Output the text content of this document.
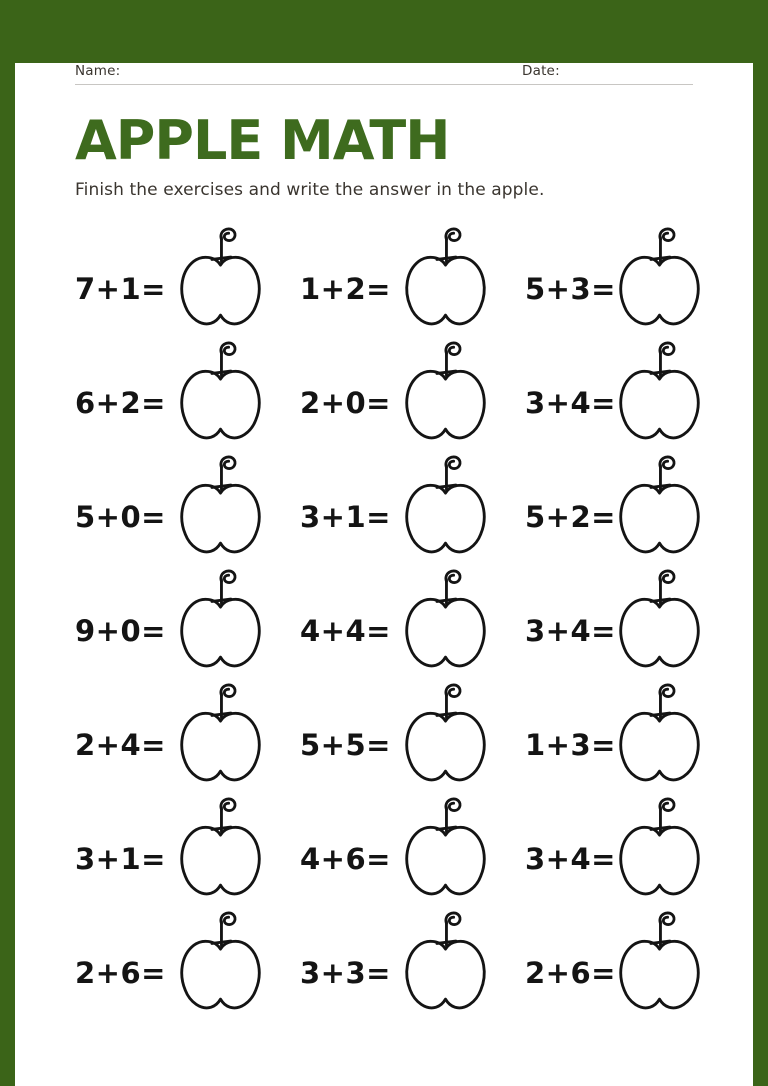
Name:	Date:
APPLE MATH

Finish the exercises and write the answer in the apple.

7+1=	1+2=	5+3=
6+2=	2+0=	3+4=
5+0=	3+1=	5+2=
9+0=	4+4=	3+4=
2+4=	5+5=	1+3=
3+1=	4+6=	3+4=
2+6=	3+3=	2+6=
